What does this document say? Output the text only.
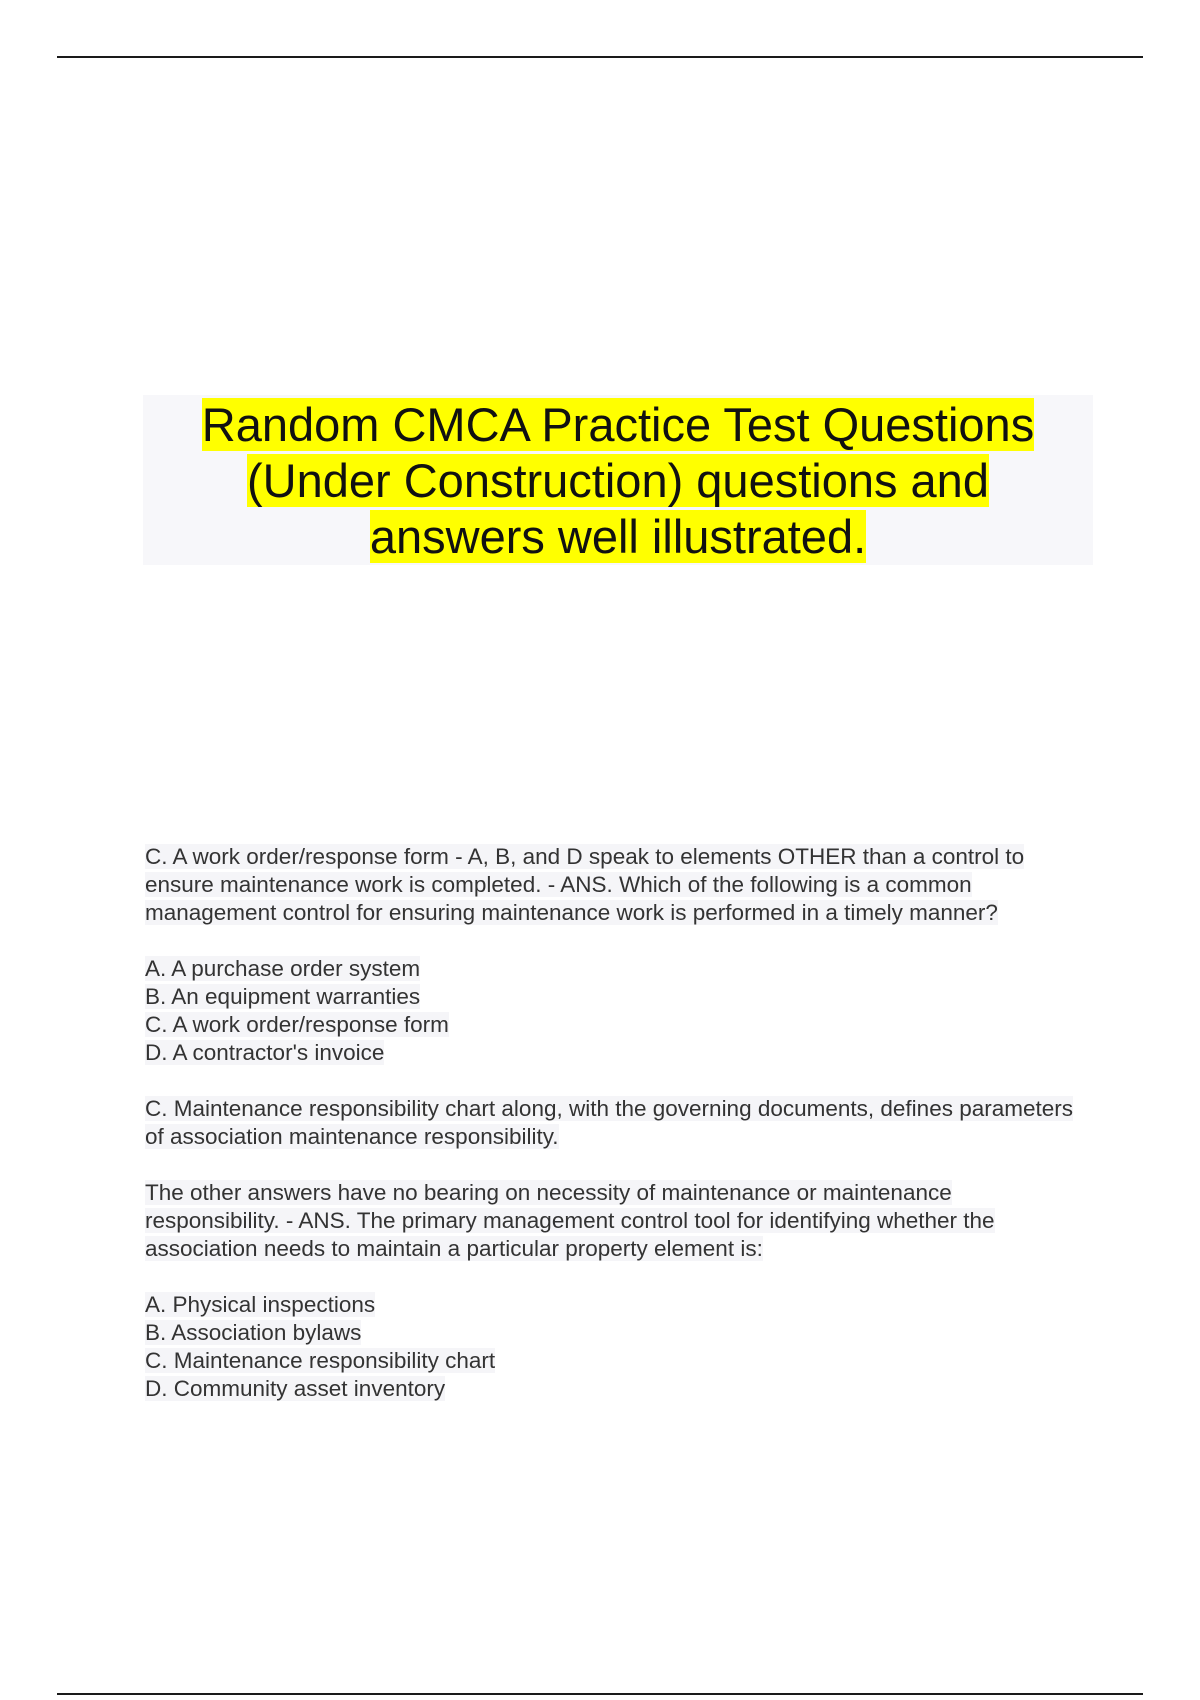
Random CMCA Practice Test Questions
(Under Construction) questions and
answers well illustrated.

C. A work order/response form - A, B, and D speak to elements OTHER than a control to ensure maintenance work is completed. - ANS. Which of the following is a common management control for ensuring maintenance work is performed in a timely manner?

A. A purchase order system
B. An equipment warranties
C. A work order/response form
D. A contractor's invoice

C. Maintenance responsibility chart along, with the governing documents, defines parameters of association maintenance responsibility.

The other answers have no bearing on necessity of maintenance or maintenance responsibility. - ANS. The primary management control tool for identifying whether the association needs to maintain a particular property element is:

A. Physical inspections
B. Association bylaws
C. Maintenance responsibility chart
D. Community asset inventory
